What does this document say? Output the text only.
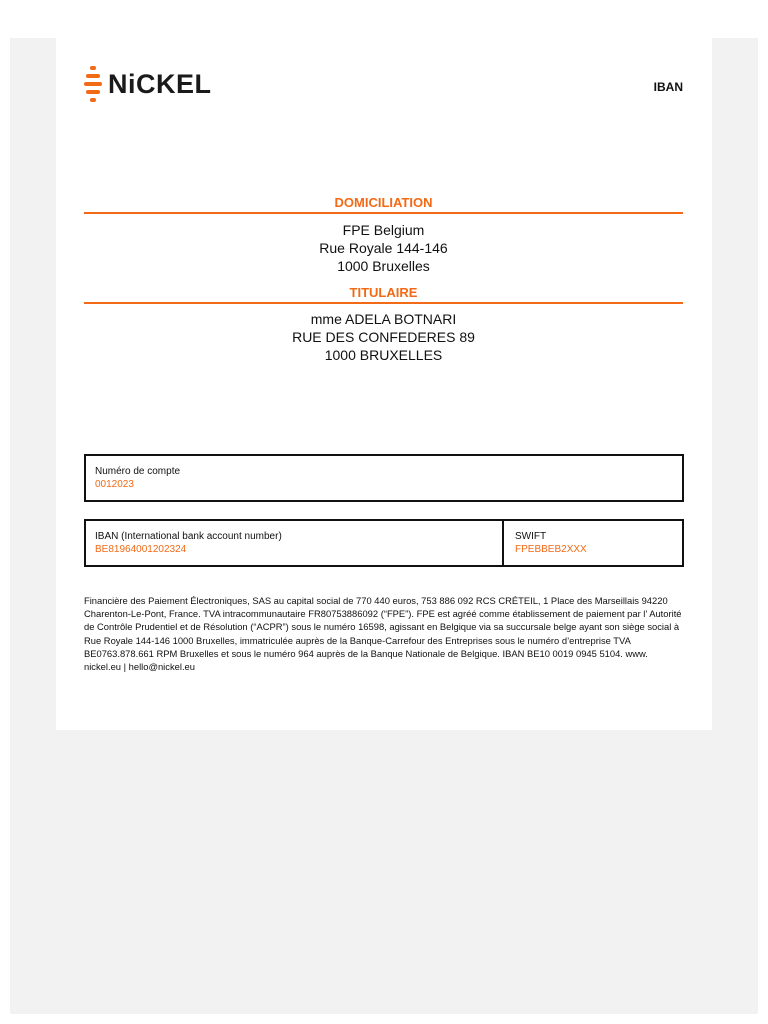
NiCKEL	IBAN
DOMICILIATION
FPE Belgium
Rue Royale 144-146
1000 Bruxelles
TITULAIRE
mme ADELA BOTNARI
RUE DES CONFEDERES 89
1000 BRUXELLES
Numéro de compte
0012023
IBAN (International bank account number)
BE81964001202324
SWIFT
FPEBBEB2XXX
Financière des Paiement Électroniques, SAS au capital social de 770 440 euros, 753 886 092 RCS CRÉTEIL, 1 Place des Marseillais 94220 Charenton-Le-Pont, France. TVA intracommunautaire FR80753886092 (“FPE”). FPE est agréé comme établissement de paiement par l’ Autorité de Contrôle Prudentiel et de Résolution (“ACPR”) sous le numéro 16598, agissant en Belgique via sa succursale belge ayant son siège social à Rue Royale 144-146 1000 Bruxelles, immatriculée auprès de la Banque-Carrefour des Entreprises sous le numéro d’entreprise TVA BE0763.878.661 RPM Bruxelles et sous le numéro 964 auprès de la Banque Nationale de Belgique. IBAN BE10 0019 0945 5104. www. nickel.eu | hello@nickel.eu
